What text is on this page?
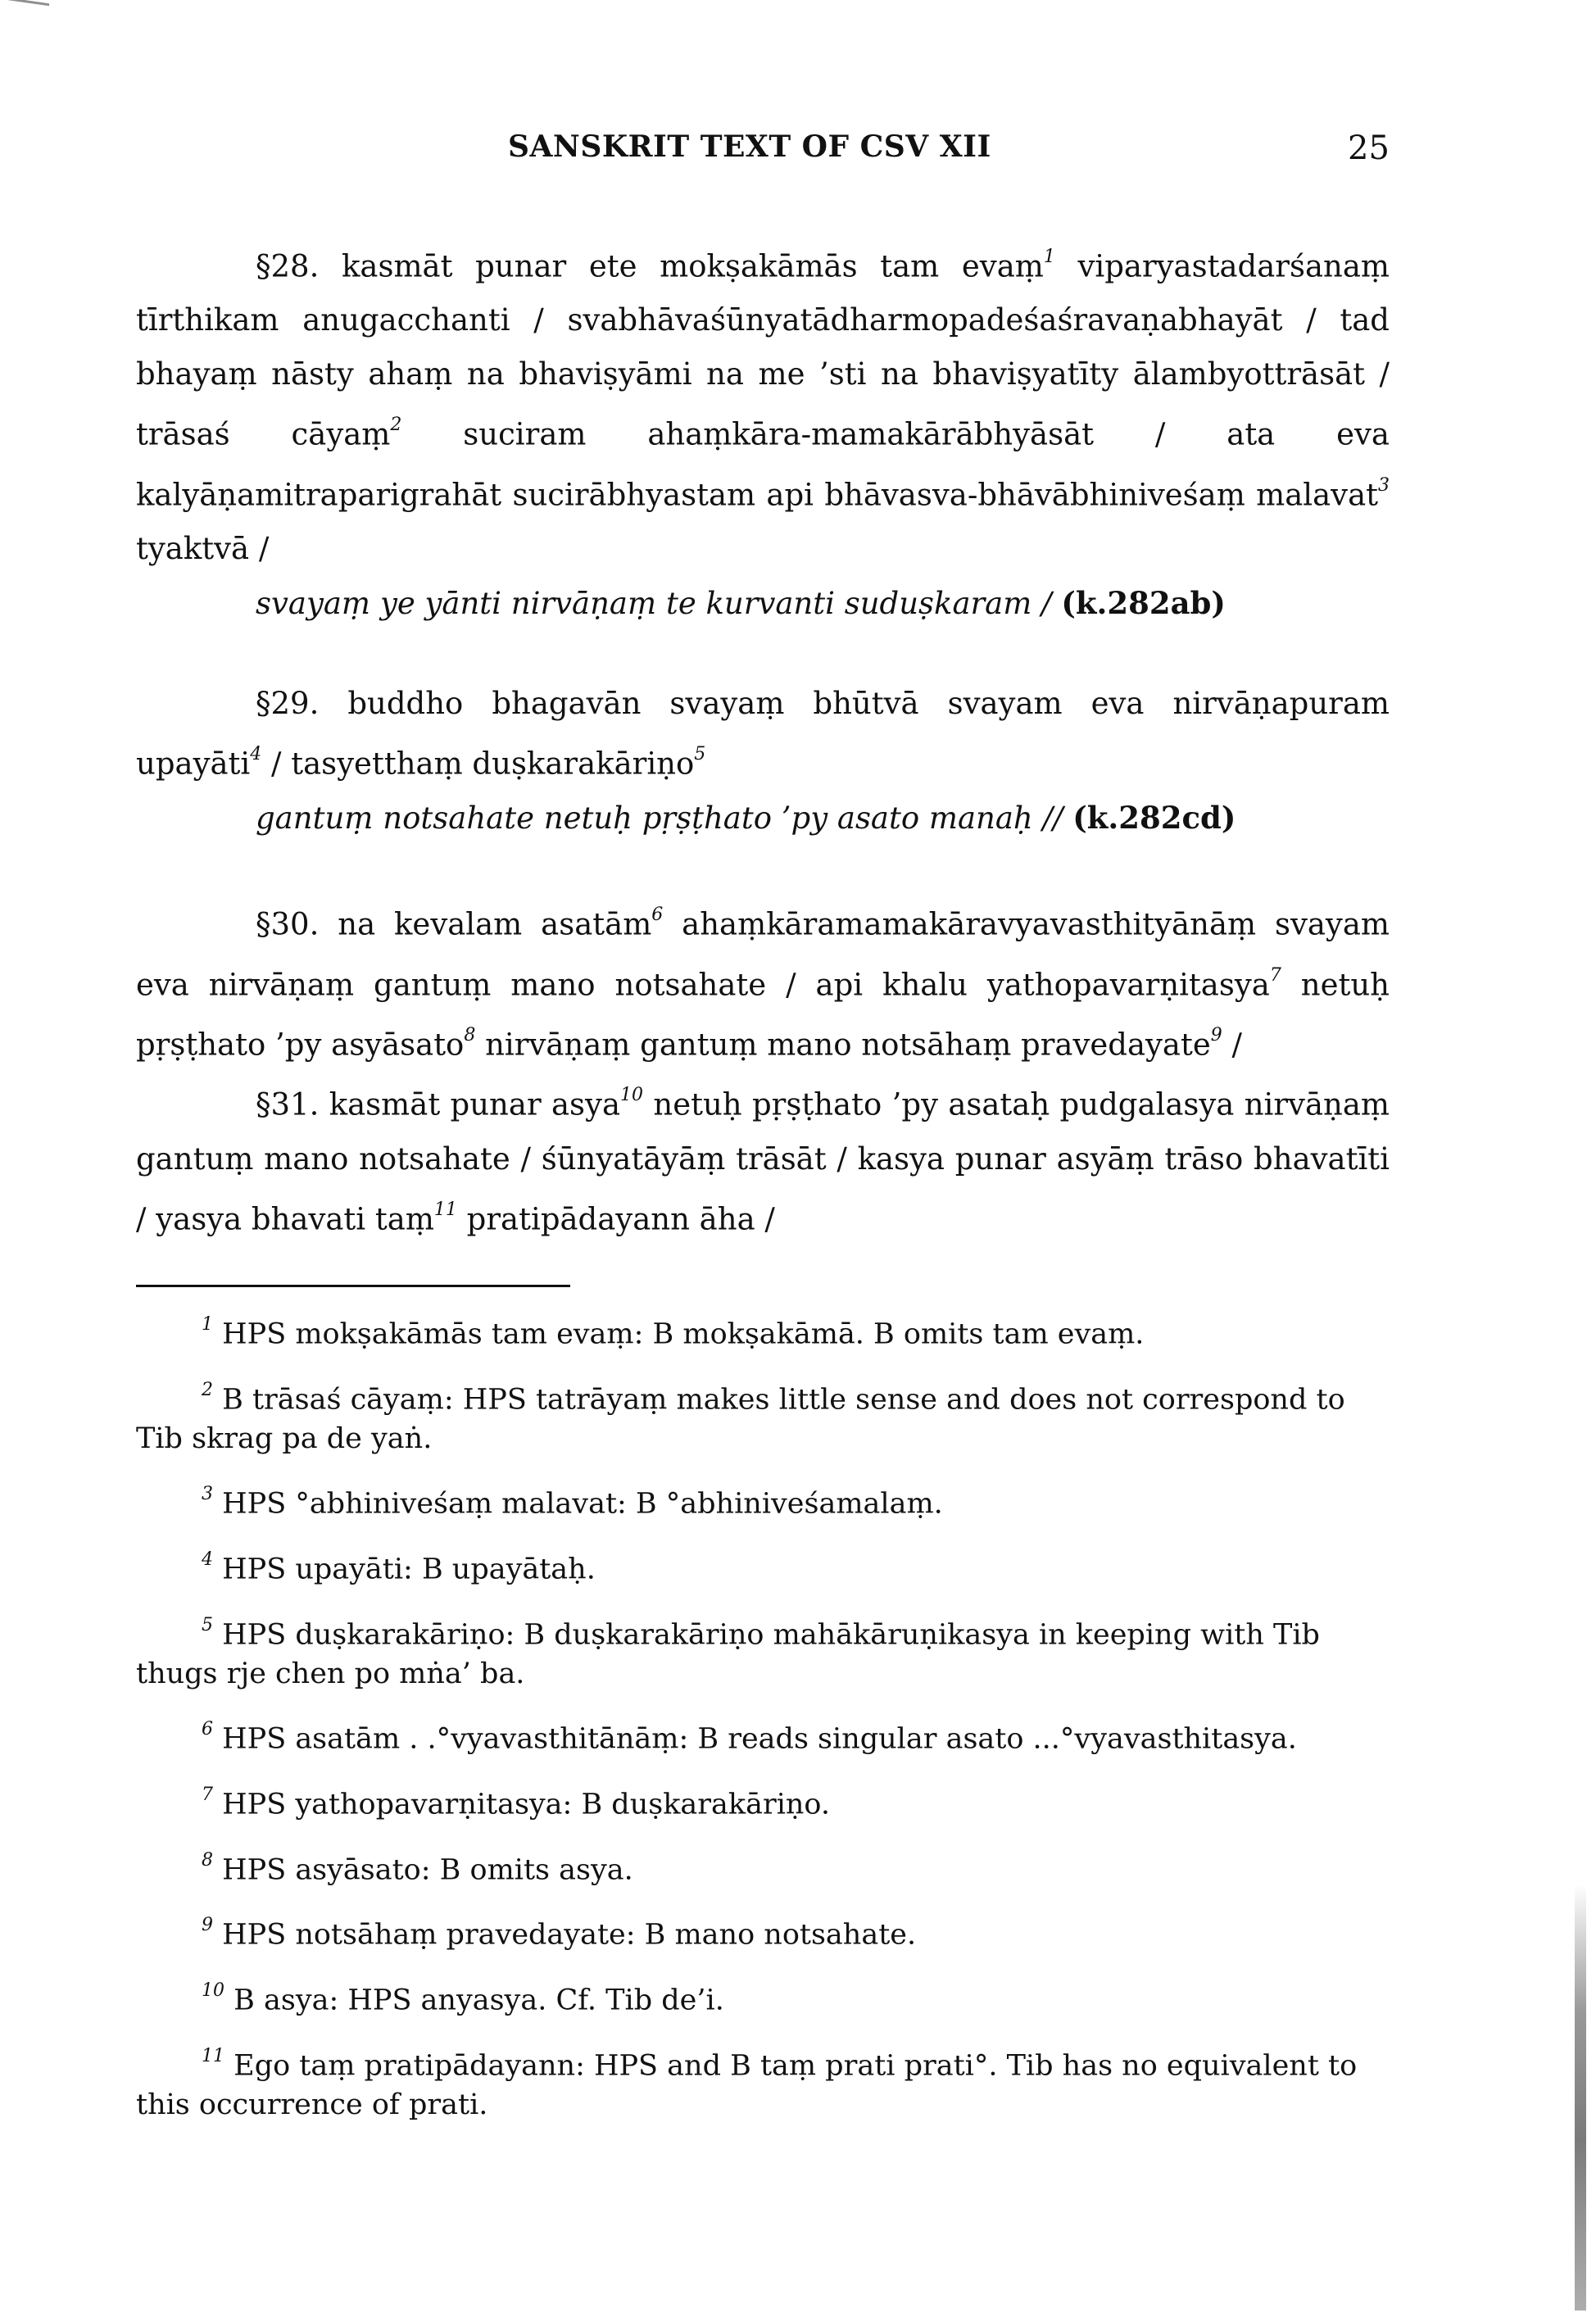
SANSKRIT TEXT OF CSV XII	25

§28. kasmāt punar ete mokṣakāmās tam evaṃ$^1$ viparyastadarśanaṃ tīrthikam anugacchanti / svabhāvaśūnyatādharmopadeśaśravaṇabhayāt / tad bhayaṃ nāsty ahaṃ na bhaviṣyāmi na me ’sti na bhaviṣyatīty ālambyottrāsāt / trāsaś cāyaṃ$^2$ suciram ahaṃkāra-mamakārābhyāsāt / ata eva kalyāṇamitraparigrahāt sucirābhyastam api bhāvasva-bhāvābhiniveśaṃ malavat$^3$ tyaktvā /

svayaṃ ye yānti nirvāṇaṃ te kurvanti suduṣkaram / (k.282ab)

§29. buddho bhagavān svayaṃ bhūtvā svayam eva nirvāṇapuram upayāti$^4$ / tasyetthaṃ duṣkarakāriṇo$^5$

gantuṃ notsahate netuḥ pṛṣṭhato ’py asato manaḥ // (k.282cd)

§30. na kevalam asatām$^6$ ahaṃkāramamakāravyavasthityānāṃ svayam eva nirvāṇaṃ gantuṃ mano notsahate / api khalu yathopavarṇitasya$^7$ netuḥ pṛṣṭhato ’py asyāsato$^8$ nirvāṇaṃ gantuṃ mano notsāhaṃ pravedayate$^9$ /

§31. kasmāt punar asya$^{10}$ netuḥ pṛṣṭhato ’py asataḥ pudgalasya nirvāṇaṃ gantuṃ mano notsahate / śūnyatāyāṃ trāsāt / kasya punar asyāṃ trāso bhavatīti / yasya bhavati taṃ$^{11}$ pratipādayann āha /

$^1$ HPS mokṣakāmās tam evaṃ: B mokṣakāmā. B omits tam evaṃ.

$^2$ B trāsaś cāyaṃ: HPS tatrāyaṃ makes little sense and does not correspond to Tib skrag pa de yaṅ.

$^3$ HPS °abhiniveśaṃ malavat: B °abhiniveśamalaṃ.

$^4$ HPS upayāti: B upayātaḥ.

$^5$ HPS duṣkarakāriṇo: B duṣkarakāriṇo mahākāruṇikasya in keeping with Tib thugs rje chen po mṅa’ ba.

$^6$ HPS asatām . .°vyavasthitānāṃ: B reads singular asato ...°vyavasthitasya.

$^7$ HPS yathopavarṇitasya: B duṣkarakāriṇo.

$^8$ HPS asyāsato: B omits asya.

$^9$ HPS notsāhaṃ pravedayate: B mano notsahate.

$^{10}$ B asya: HPS anyasya. Cf. Tib de’i.

$^{11}$ Ego taṃ pratipādayann: HPS and B taṃ prati prati°. Tib has no equivalent to this occurrence of prati.
